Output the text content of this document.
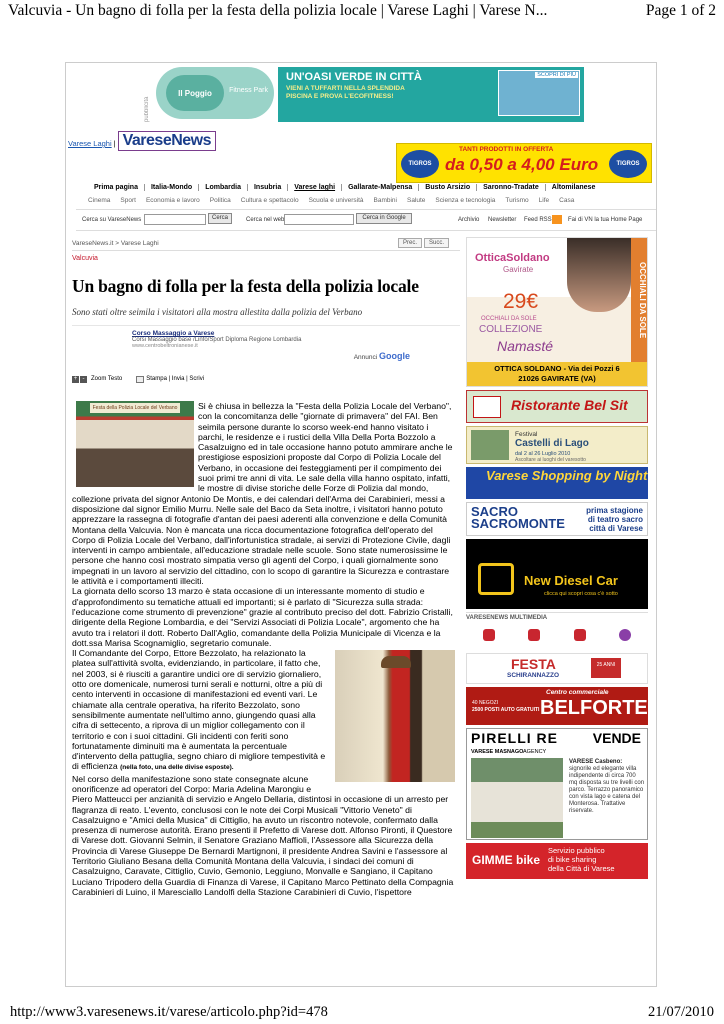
Valcuvia - Un bagno di folla per la festa della polizia locale | Varese Laghi | Varese N...	Page 1 of 2
pubblicità
Il Poggio	Fitness Park
UN'OASI VERDE IN CITTÀ
VIENI A TUFFARTI NELLA SPLENDIDA
PISCINA E PROVA L'ECOFITNESS!
SCOPRI DI PIÙ
Varese Laghi | VareseNews
TIGROS
TANTI PRODOTTI IN OFFERTA
da 0,50 a 4,00 Euro	TIGROS
Prima pagina	Italia-Mondo	Lombardia	Insubria	Varese laghi	Gallarate-Malpensa	Busto Arsizio	Saronno-Tradate	Altomilanese
Cinema	Sport	Economia e lavoro	Politica	Cultura e spettacolo	Scuola e università	Bambini	Salute	Scienza e tecnologia	Turismo	Life	Casa
Cerca su VareseNews	Cerca	Cerca nel web	Cerca in Google	Archivio Newsletter Feed RSS	Fai di VN la tua Home Page
VareseNews.it > Varese Laghi	Prec.	Succ.
Valcuvia
Un bagno di folla per la festa della polizia locale
Sono stati oltre seimila i visitatori alla mostra allestita dalla polizia del Verbano
Corso Massaggio a Varese
Corsi Massaggio base /Linfo/Sport Diploma Regione Lombardia
www.centrobeltronianese.it
Annunci Google
+ -	Zoom Testo	Stampa | Invia | Scrivi
Festa della Polizia Locale del Verbano	Si è chiusa in bellezza la "Festa della Polizia Locale del Verbano", con la concomitanza delle "giornate di primavera" del FAI. Ben seimila persone durante lo scorso week-end hanno visitato i parchi, le residenze e i rustici della Villa Della Porta Bozzolo a Casalzuigno ed in tale occasione hanno potuto ammirare anche le prestigiose esposizioni proposte dal Corpo di Polizia Locale del Verbano, in occasione dei festeggiamenti per il compimento dei suoi primi tre anni di vita. Le sale della villa hanno ospitato, infatti, le mostre di divise storiche delle Forze di Polizia dal mondo, collezione privata del signor Antonio De Montis, e dei calendari dell'Arma dei Carabinieri, messi a disposizione dal signor Emilio Murru. Nelle sale del Baco da Seta inoltre, i visitatori hanno potuto apprezzare la rassegna di fotografie d'antan dei paesi aderenti alla convenzione e della Comunità Montana della Valcuvia. Non è mancata una ricca documentazione fotografica dell'operato del Corpo di Polizia Locale del Verbano, dall'infortunistica stradale, ai servizi di Protezione Civile, dagli interventi in campo ambientale, all'educazione stradale nelle scuole. Sono state numerosissime le persone che hanno così mostrato simpatia verso gli agenti del Corpo, i quali giornalmente sono impegnati in un lavoro al servizio del cittadino, con lo scopo di garantire la Sicurezza e contrastare le attività e i comportamenti illeciti.

La giornata dello scorso 13 marzo è stata occasione di un interessante momento di studio e d'approfondimento su tematiche attuali ed importanti; si è parlato di "Sicurezza sulla strada: l'educazione come strumento di prevenzione" grazie al contributo preciso del dott. Fabrizio Cristalli, dirigente della Regione Lombardia, e dei "Servizi Associati di Polizia Locale", argomento che ha avuto tra i relatori il dott. Roberto Dall'Aglio, comandante della Polizia Municipale di Vicenza e la dott.ssa Marisa Scognamiglio, segretario comunale.

Il Comandante del Corpo, Ettore Bezzolato, ha relazionato la platea sull'attività svolta, evidenziando, in particolare, il fatto che, nel 2003, si è riusciti a garantire undici ore di servizio giornaliero, otto ore domenicale, numerosi turni serali e notturni, oltre a più di cento interventi in occasione di manifestazioni ed eventi vari. Le chiamate alla centrale operativa, ha riferito Bezzolato, sono sensibilmente aumentate nell'ultimo anno, giungendo quasi alla cifra di settecento, a riprova di un miglior collegamento con il territorio e con i suoi cittadini. Gli incidenti con feriti sono fortunatamente diminuiti ma è aumentata la percentuale d'intervento della pattuglia, segno chiaro di migliore tempestività e di efficienza (nella foto, una delle divise esposte).

Nel corso della manifestazione sono state consegnate alcune onorificenze ad operatori del Corpo: Maria Adelina Marongiu e Piero Matteucci per anzianità di servizio e Angelo Dellaria, distintosi in occasione di un arresto per flagranza di reato. L'evento, conclusosi con le note dei Corpi Musicali "Vittorio Veneto" di Casalzuigno e "Amici della Musica" di Cittiglio, ha avuto un riscontro notevole, confermato dalla presenza di numerose autorità. Erano presenti il Prefetto di Varese dott. Alfonso Pironti, il Questore di Varese dott. Giovanni Selmin, il Senatore Graziano Maffioli, l'Assessore alla Sicurezza della Provincia di Varese Giuseppe De Bernardi Martignoni, il presidente Andrea Savini e l'assessore al Territorio Giuliano Besana della Comunità Montana della Valcuvia, i sindaci dei comuni di Casalzuigno, Caravate, Cittiglio, Cuvio, Gemonio, Leggiuno, Monvalle e Sangiano, il Capitano Luciano Tripodero della Guardia di Finanza di Varese, il Capitano Marco Pettinato della Compagnia Carabinieri di Luino, il Maresciallo Landolfi della Stazione Carabinieri di Cuvio, l'ispettore

OtticaSoldano
Gavirate
29€
OCCHIALI DA SOLE
COLLEZIONE
Namasté
OCCHIALI DA SOLE
OTTICA SOLDANO - Via dei Pozzi 6
21026 GAVIRATE (VA)
Ristorante Bel Sit
Festival
Castelli di Lago
dal 2 al 26 Luglio 2010
Ascoltare ai luoghi del varesotto
Varese Shopping by Night
SACRO
SACROMONTE
prima stagione
di teatro sacro
città di Varese
New Diesel Car
clicca qui scopri cosa c'è sotto
VARESENEWS MULTIMEDIA
FESTA
SCHIRANNAZZO
25 ANNI
Centro commerciale
BELFORTE
40 NEGOZI
2500 POSTI AUTO GRATUITI
PIRELLI RE VENDE
VARESE MASNAGO AGENCY
VARESE Casbeno:
signorile ed elegante villa indipendente di circa 700 mq disposta su tre livelli con parco. Terrazzo panoramico con vista lago e catena del Monterosa. Trattative riservate.
GIMME bike
Servizio pubblico
di bike sharing
della Città di Varese
http://www3.varesenews.it/varese/articolo.php?id=478	21/07/2010
